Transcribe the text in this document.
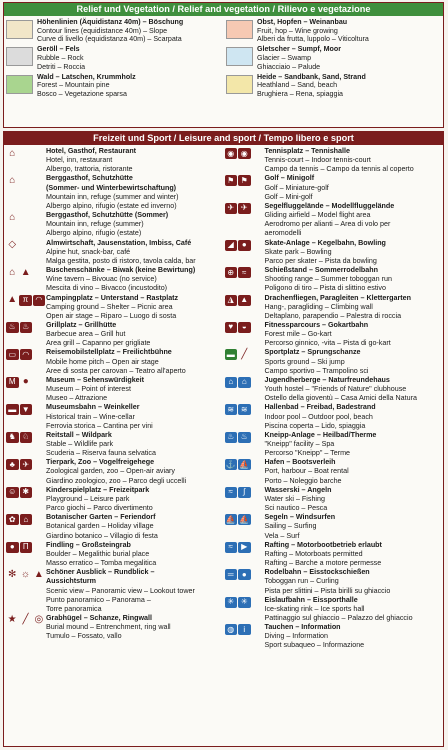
Relief und Vegetation / Relief and vegetation / Rilievo e vegetazione
Höhenlinien (Äquidistanz 40m) – Böschung
Contour lines (equidistance 40m) – Slope
Curve di livello (equidistanza 40m) – Scarpata
Obst, Hopfen – Weinanbau
Fruit, hop – Wine growing
Alberi da frutta, luppolo – Viticoltura
Geröll – Fels
Rubble – Rock
Detriti – Roccia
Gletscher – Sumpf, Moor
Glacier – Swamp
Ghiacciaio – Palude
Wald – Latschen, Krummholz
Forest – Mountain pine
Bosco – Vegetazione sparsa
Heide – Sandbank, Sand, Strand
Heathland – Sand, beach
Brughiera – Rena, spiaggia
Freizeit und Sport / Leisure and sport / Tempo libero e sport
⌂	Hotel, Gasthof, Restaurant
Hotel, inn, restaurant
Albergo, trattoria, ristorante
⌂	Berggasthof, Schutzhütte
(Sommer- und Winterbewirtschaftung)
Mountain inn, refuge (summer and winter)
Albergo alpino, rifugio (estate ed inverno)
⌂	Berggasthof, Schutzhütte (Sommer)
Mountain inn, refuge (summer)
Albergo alpino, rifugio (estate)
◇	Almwirtschaft, Jausenstation, Imbiss, Café
Alpine hut, snack-bar, café
Malga gestita, posto di ristoro, tavola calda, bar
⌂ ▲ Buschenschänke – Biwak (keine Bewirtung)
Wine tavern – Bivouac (no service)
Mescita di vino – Bivacco (incustodito)
▲ π ◠ Campingplatz – Unterstand – Rastplatz
Camping ground – Shelter – Picnic area
Open air stage – Riparo – Luogo di sosta
♨ ♨	Grillplatz – Grillhütte
Barbecue area – Grill hut
Area grill – Capanno per grigliate
▭ ◠	Reisemobilstellplatz – Freilichtbühne
Mobile home pitch – Open air stage
Aree di sosta per carovan – Teatro all'aperto
M ●	Museum – Sehenswürdigkeit
Museum – Point of interest
Museo – Attrazione
▬ ▼	Museumsbahn – Weinkeller
Historical train – Wine-cellar
Ferrovia storica – Cantina per vini
♞ ♘	Reitstall – Wildpark
Stable – Wildlife park
Scuderia – Riserva fauna selvatica
♣ ✈	Tierpark, Zoo – Vogelfreigehege
Zoological garden, zoo – Open-air aviary
Giardino zoologico, zoo – Parco degli uccelli
☺ ✱	Kinderspielplatz – Freizeitpark
Playground – Leisure park
Parco giochi – Parco divertimento
✿ ⌂	Botanischer Garten – Feriendorf
Botanical garden – Holiday village
Giardino botanico – Villagio di festa
●	Π	Findling – Großsteingrab
Boulder – Megalithic burial place
Masso erratico – Tomba megalitica
✻ ☼ ▲ Schöner Ausblick – Rundblick –
Aussichtsturm
Scenic view – Panoramic view – Lookout tower
Punto panoramico – Panorama –
Torre panoramica
★ ╱ ◎ Grabhügel – Schanze, Ringwall
Burial mound – Entrenchment, ring wall
Tumulo – Fossato, vallo
◉ ◉	Tennisplatz – Tennishalle
Tennis-court – Indoor tennis-court
Campo da tennis – Campo da tennis al coperto
⚑ ⚑	Golf – Minigolf
Golf – Miniature-golf
Golf – Mini-golf
✈ ✈	Segelfluggelände – Modellfluggelände
Gliding airfield – Model flight area
Aerodromo per alianti – Area di volo per
aeromodelli
◢	●	Skate-Anlage – Kegelbahn, Bowling
Skate park – Bowling
Parco per skater – Pista da bowling
⊕ ≈	Schießstand – Sommerrodelbahn
Shooting range – Summer toboggan run
Poligono di tiro – Pista di slittino estivo
◮ ▲	Drachenfliegen, Paragleiten – Klettergarten
Hang-, paragliding – Climbing wall
Deltaplano, parapendio – Palestra di roccia
♥	◒	Fitnessparcours – Gokartbahn
Forest mile – Go-kart
Percorso ginnico, -vita – Pista di go-kart
▬ ╱	Sportplatz – Sprungschanze
Sports ground – Ski jump
Campo sportivo – Trampolino sci
⌂	⌂	Jugendherberge – Naturfreundehaus
Youth hostel – "Friends of Nature" clubhouse
Ostello della gioventù – Casa Amici della Natura
≋ ≋	Hallenbad – Freibad, Badestrand
Indoor pool – Outdoor pool, beach
Piscina coperta – Lido, spiaggia
♨ ♨	Kneipp-Anlage – Heilbad/Therme
"Kneipp" facility – Spa
Percorso "Kneipp" – Terme
⚓ ⛵ Hafen – Bootsverleih
Port, harbour – Boat rental
Porto – Noleggio barche
≈	∫	Wasserski – Angeln
Water ski – Fishing
Sci nautico – Pesca
⛵ ⛵ Segeln – Windsurfen
Sailing – Surfing
Vela – Surf
≈	▶	Rafting – Motorbootbetrieb erlaubt
Rafting – Motorboats permitted
Rafting – Barche a motore permesse
═	●	Rodelbahn – Eisstockschießen
Toboggan run – Curling
Pista per slittini – Pista birilli su ghiaccio
✳ ✳	Eislaufbahn – Eissporthalle
Ice-skating rink – Ice sports hall
Pattinaggio sul ghiaccio – Palazzo del ghiaccio
◍	i	Tauchen – Information
Diving – Information
Sport subaqueo – Informazione
